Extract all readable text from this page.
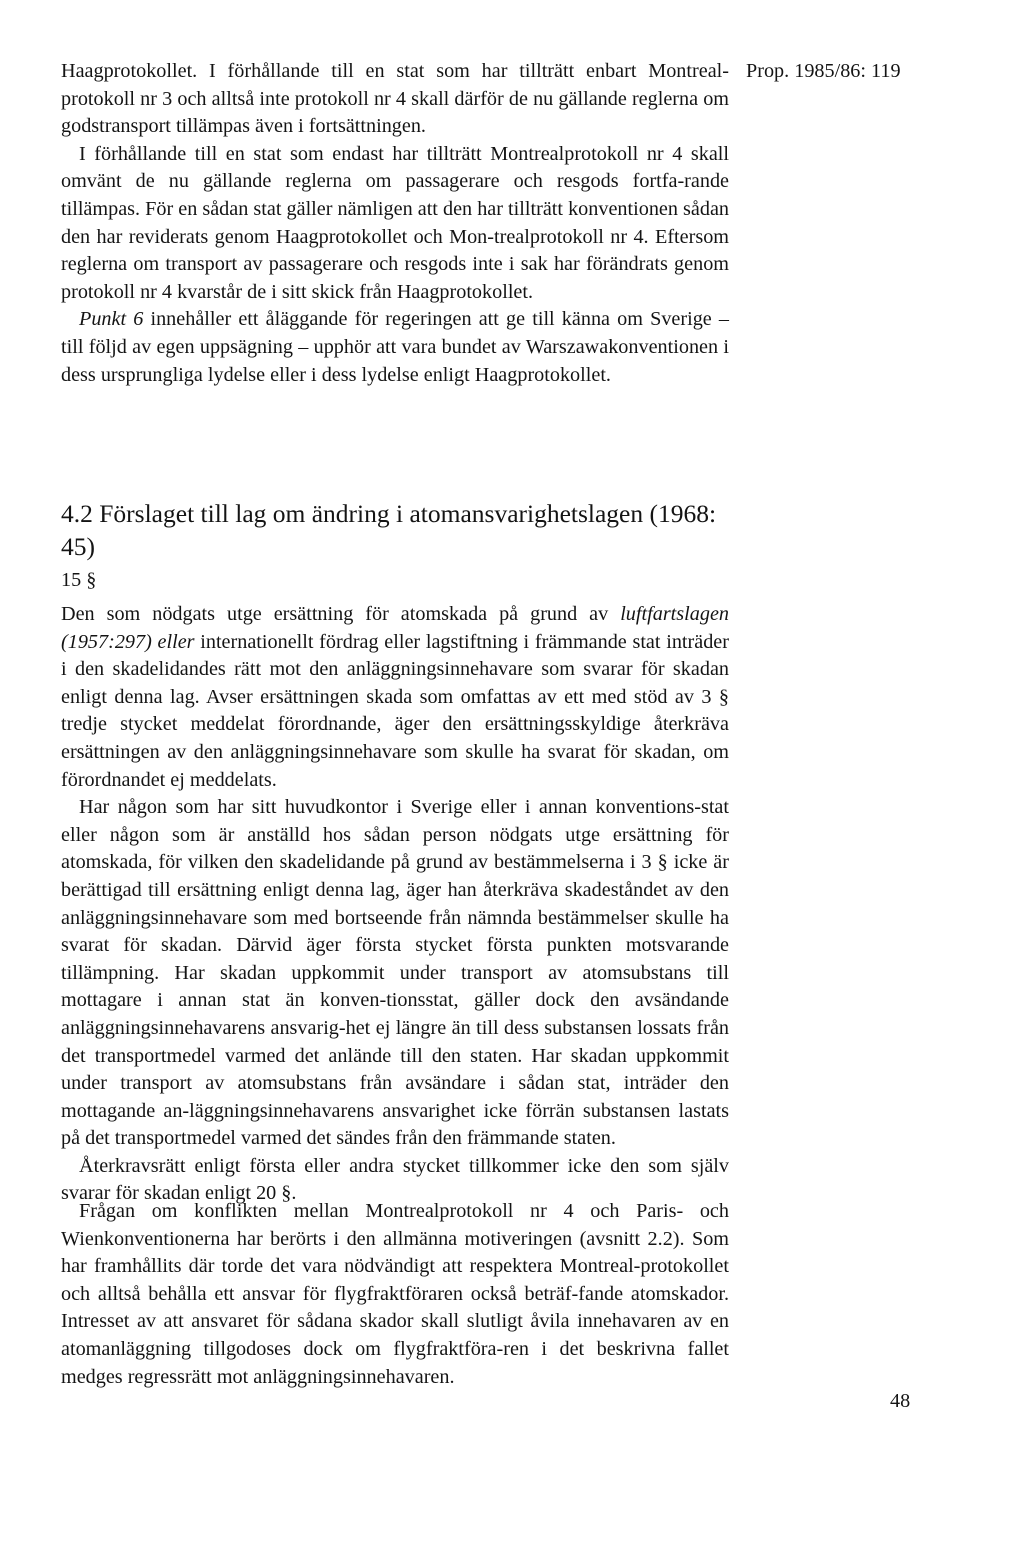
Prop. 1985/86: 119

Haagprotokollet. I förhållande till en stat som har tillträtt enbart Montreal-protokoll nr 3 och alltså inte protokoll nr 4 skall därför de nu gällande reglerna om godstransport tillämpas även i fortsättningen.

I förhållande till en stat som endast har tillträtt Montrealprotokoll nr 4 skall omvänt de nu gällande reglerna om passagerare och resgods fortfa-rande tillämpas. För en sådan stat gäller nämligen att den har tillträtt konventionen sådan den har reviderats genom Haagprotokollet och Mon-trealprotokoll nr 4. Eftersom reglerna om transport av passagerare och resgods inte i sak har förändrats genom protokoll nr 4 kvarstår de i sitt skick från Haagprotokollet.

Punkt 6 innehåller ett åläggande för regeringen att ge till känna om Sverige – till följd av egen uppsägning – upphör att vara bundet av Warszawakonventionen i dess ursprungliga lydelse eller i dess lydelse enligt Haagprotokollet.

4.2 Förslaget till lag om ändring i atomansvarighetslagen (1968: 45)
15 §

Den som nödgats utge ersättning för atomskada på grund av luftfartslagen (1957:297) eller internationellt fördrag eller lagstiftning i främmande stat inträder i den skadelidandes rätt mot den anläggningsinnehavare som svarar för skadan enligt denna lag. Avser ersättningen skada som omfattas av ett med stöd av 3 § tredje stycket meddelat förordnande, äger den ersättningsskyldige återkräva ersättningen av den anläggningsinnehavare som skulle ha svarat för skadan, om förordnandet ej meddelats.

Har någon som har sitt huvudkontor i Sverige eller i annan konventions-stat eller någon som är anställd hos sådan person nödgats utge ersättning för atomskada, för vilken den skadelidande på grund av bestämmelserna i 3 § icke är berättigad till ersättning enligt denna lag, äger han återkräva skadeståndet av den anläggningsinnehavare som med bortseende från nämnda bestämmelser skulle ha svarat för skadan. Därvid äger första stycket första punkten motsvarande tillämpning. Har skadan uppkommit under transport av atomsubstans till mottagare i annan stat än konven-tionsstat, gäller dock den avsändande anläggningsinnehavarens ansvarig-het ej längre än till dess substansen lossats från det transportmedel varmed det anlände till den staten. Har skadan uppkommit under transport av atomsubstans från avsändare i sådan stat, inträder den mottagande an-läggningsinnehavarens ansvarighet icke förrän substansen lastats på det transportmedel varmed det sändes från den främmande staten.

Återkravsrätt enligt första eller andra stycket tillkommer icke den som själv svarar för skadan enligt 20 §.

Frågan om konflikten mellan Montrealprotokoll nr 4 och Paris- och Wienkonventionerna har berörts i den allmänna motiveringen (avsnitt 2.2). Som har framhållits där torde det vara nödvändigt att respektera Montreal-protokollet och alltså behålla ett ansvar för flygfraktföraren också beträf-fande atomskador. Intresset av att ansvaret för sådana skador skall slutligt åvila innehavaren av en atomanläggning tillgodoses dock om flygfraktföra-ren i det beskrivna fallet medges regressrätt mot anläggningsinnehavaren.

48
